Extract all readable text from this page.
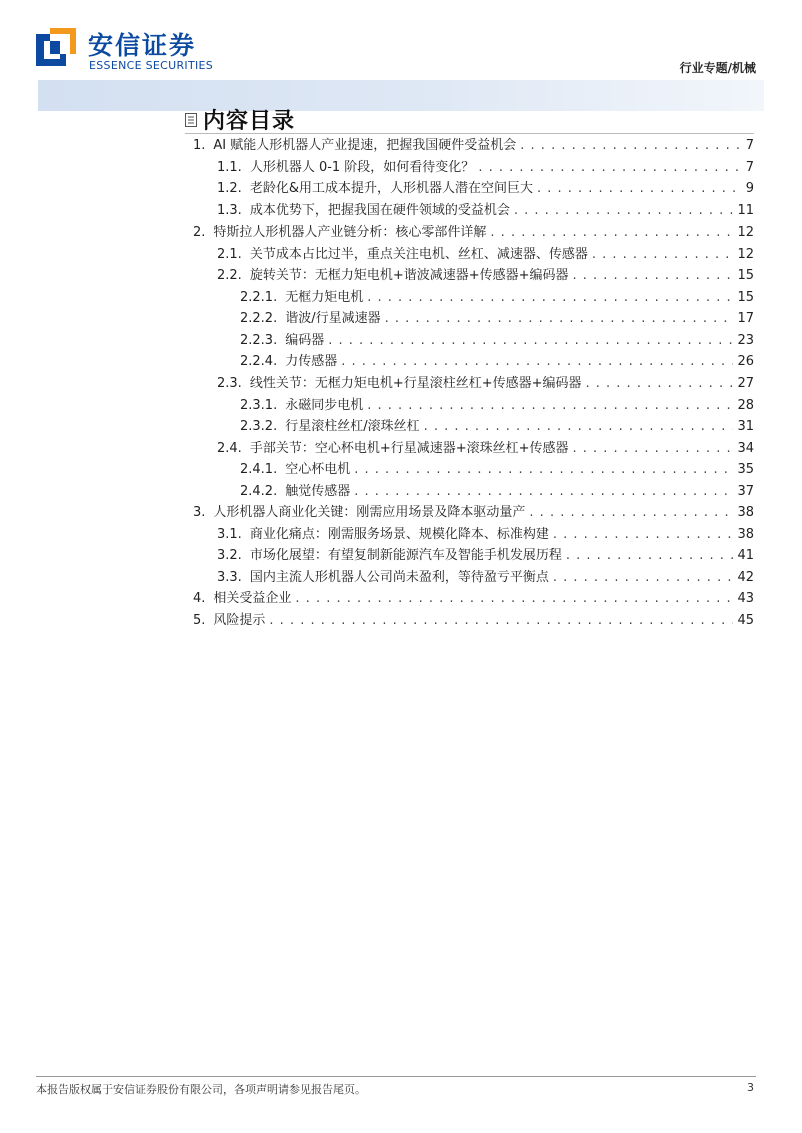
安信证券
ESSENCE SECURITIES	行业专题/机械
内容目录
1. AI 赋能人形机器人产业提速，把握我国硬件受益机会 . . .	7
1.1. 人形机器人 0-1 阶段，如何看待变化？ . . .	7
1.2. 老龄化&用工成本提升，人形机器人潜在空间巨大 . . .	9
1.3. 成本优势下，把握我国在硬件领域的受益机会 . . .	11
2. 特斯拉人形机器人产业链分析：核心零部件详解 . . .	12
2.1. 关节成本占比过半，重点关注电机、丝杠、减速器、传感器 . . .	12
2.2. 旋转关节：无框力矩电机+谐波减速器+传感器+编码器 . . .	15
2.2.1. 无框力矩电机 . . .	15
2.2.2. 谐波/行星减速器 . . .	17
2.2.3. 编码器 . . .	23
2.2.4. 力传感器 . . .	26
2.3. 线性关节：无框力矩电机+行星滚柱丝杠+传感器+编码器 . . .	27
2.3.1. 永磁同步电机 . . .	28
2.3.2. 行星滚柱丝杠/滚珠丝杠 . . .	31
2.4. 手部关节：空心杯电机+行星减速器+滚珠丝杠+传感器 . . .	34
2.4.1. 空心杯电机 . . .	35
2.4.2. 触觉传感器 . . .	37
3. 人形机器人商业化关键：刚需应用场景及降本驱动量产 . . .	38
3.1. 商业化痛点：刚需服务场景、规模化降本、标准构建 . . .	38
3.2. 市场化展望：有望复制新能源汽车及智能手机发展历程 . . .	41
3.3. 国内主流人形机器人公司尚未盈利，等待盈亏平衡点 . . .	42
4. 相关受益企业 . . .	43
5. 风险提示 . . .	45
本报告版权属于安信证券股份有限公司，各项声明请参见报告尾页。	3
